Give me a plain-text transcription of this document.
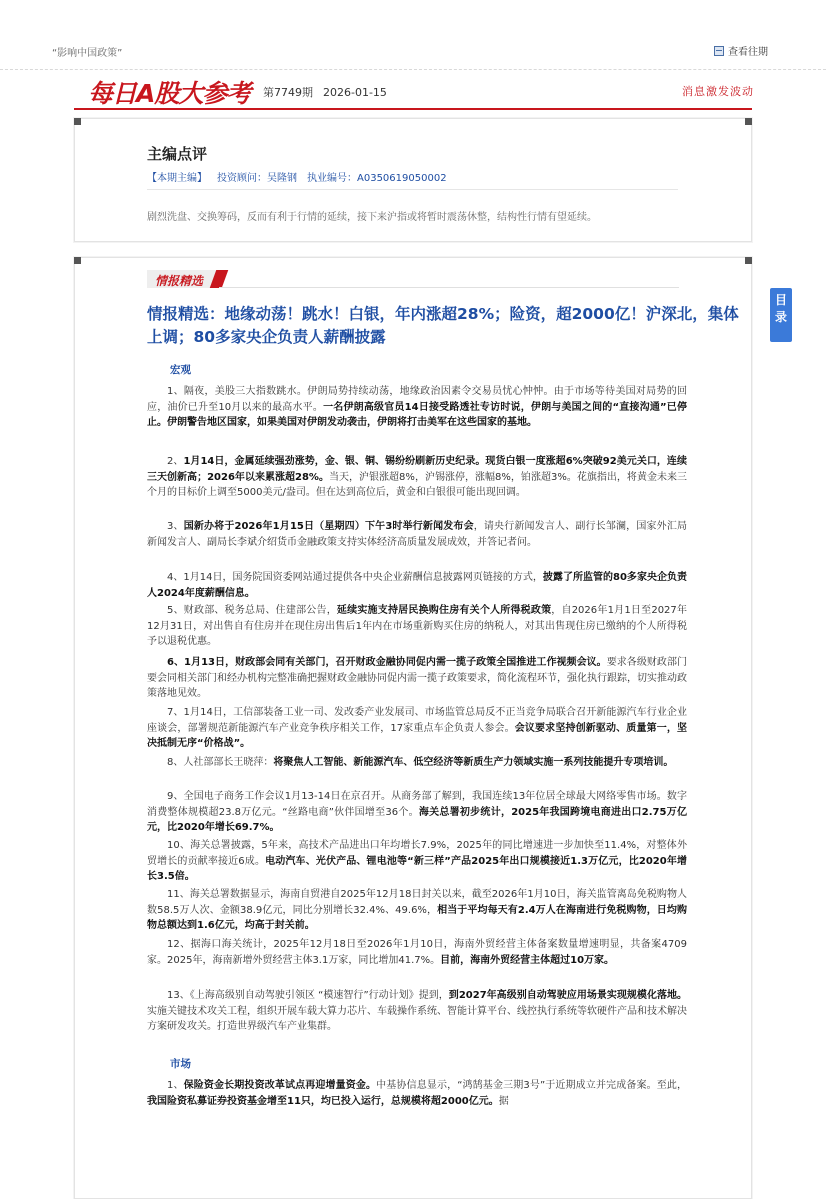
“影响中国政策”	查看往期
每日A股大参考 第7749期 2026-01-15	消息激发波动
主编点评
【本期主编】 投资顾问：吴隆钢 执业编号：A0350619050002
剧烈洗盘、交换筹码，反而有利于行情的延续，接下来沪指或将暂时震荡休整，结构性行情有望延续。
情报精选
情报精选：地缘动荡！跳水！白银，年内涨超28%；险资，超2000亿！沪深北，集体上调；80多家央企负责人薪酬披露
宏观
1、隔夜，美股三大指数跳水。伊朗局势持续动荡，地缘政治因素令交易员忧心忡忡。由于市场等待美国对局势的回应，油价已升至10月以来的最高水平。一名伊朗高级官员14日接受路透社专访时说，伊朗与美国之间的“直接沟通”已停止。伊朗警告地区国家，如果美国对伊朗发动袭击，伊朗将打击美军在这些国家的基地。
2、1月14日，金属延续强劲涨势，金、银、铜、锡纷纷刷新历史纪录。现货白银一度涨超6%突破92美元关口，连续三天创新高；2026年以来累涨超28%。当天，沪银涨超8%，沪锡涨停，涨幅8%，铂涨超3%。花旗指出，将黄金未来三个月的目标价上调至5000美元/盎司。但在达到高位后，黄金和白银很可能出现回调。
3、国新办将于2026年1月15日（星期四）下午3时举行新闻发布会，请央行新闻发言人、副行长邹澜，国家外汇局新闻发言人、副局长李斌介绍货币金融政策支持实体经济高质量发展成效，并答记者问。
4、1月14日，国务院国资委网站通过提供各中央企业薪酬信息披露网页链接的方式，披露了所监管的80多家央企负责人2024年度薪酬信息。
5、财政部、税务总局、住建部公告，延续实施支持居民换购住房有关个人所得税政策，自2026年1月1日至2027年12月31日，对出售自有住房并在现住房出售后1年内在市场重新购买住房的纳税人，对其出售现住房已缴纳的个人所得税予以退税优惠。
6、1月13日，财政部会同有关部门，召开财政金融协同促内需一揽子政策全国推进工作视频会议。要求各级财政部门要会同相关部门和经办机构完整准确把握财政金融协同促内需一揽子政策要求，简化流程环节，强化执行跟踪，切实推动政策落地见效。
7、1月14日，工信部装备工业一司、发改委产业发展司、市场监管总局反不正当竞争局联合召开新能源汽车行业企业座谈会，部署规范新能源汽车产业竞争秩序相关工作，17家重点车企负责人参会。会议要求坚持创新驱动、质量第一，坚决抵制无序“价格战”。
8、人社部部长王晓萍：将聚焦人工智能、新能源汽车、低空经济等新质生产力领域实施一系列技能提升专项培训。
9、全国电子商务工作会议1月13-14日在京召开。从商务部了解到，我国连续13年位居全球最大网络零售市场。数字消费整体规模超23.8万亿元。“丝路电商”伙伴国增至36个。海关总署初步统计，2025年我国跨境电商进出口2.75万亿元，比2020年增长69.7%。
10、海关总署披露，5年来，高技术产品进出口年均增长7.9%，2025年的同比增速进一步加快至11.4%，对整体外贸增长的贡献率接近6成。电动汽车、光伏产品、锂电池等“新三样”产品2025年出口规模接近1.3万亿元，比2020年增长3.5倍。
11、海关总署数据显示，海南自贸港自2025年12月18日封关以来，截至2026年1月10日，海关监管离岛免税购物人数58.5万人次、金额38.9亿元，同比分别增长32.4%、49.6%，相当于平均每天有2.4万人在海南进行免税购物，日均购物总额达到1.6亿元，均高于封关前。
12、据海口海关统计，2025年12月18日至2026年1月10日，海南外贸经营主体备案数量增速明显，共备案4709家。2025年，海南新增外贸经营主体3.1万家，同比增加41.7%。目前，海南外贸经营主体超过10万家。
13、《上海高级别自动驾驶引领区 “模速智行”行动计划》提到，到2027年高级别自动驾驶应用场景实现规模化落地。实施关键技术攻关工程，组织开展车载大算力芯片、车载操作系统、智能计算平台、线控执行系统等软硬件产品和技术解决方案研发攻关。打造世界级汽车产业集群。
市场
1、保险资金长期投资改革试点再迎增量资金。中基协信息显示，“鸿鹄基金三期3号”于近期成立并完成备案。至此，我国险资私募证券投资基金增至11只，均已投入运行，总规模将超2000亿元。据
目录
